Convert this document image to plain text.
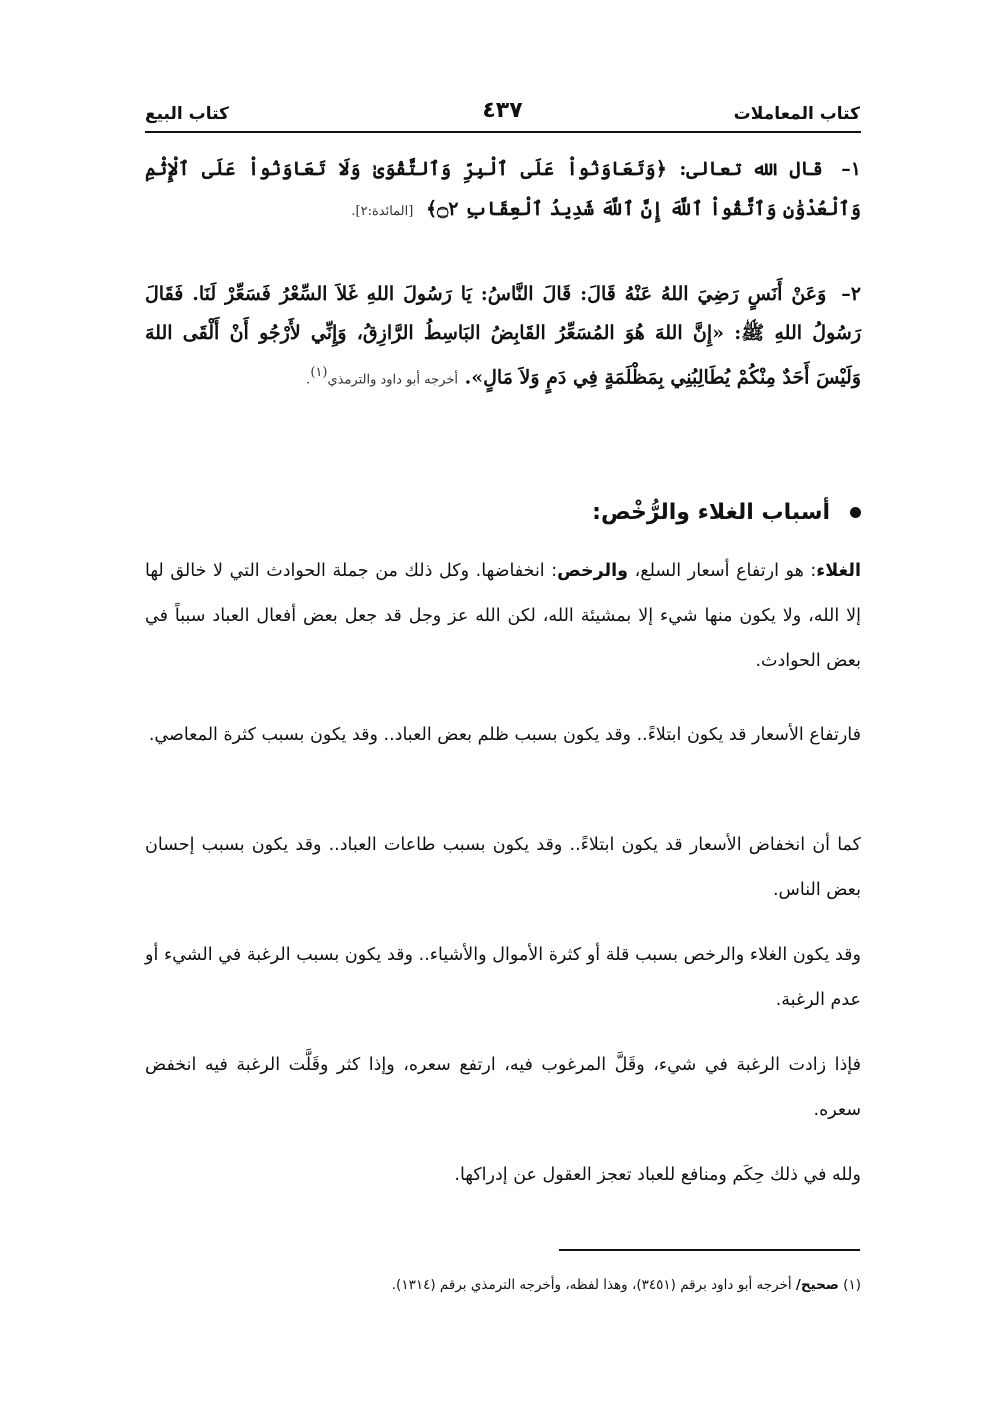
كتاب المعاملات
٤٣٧
كتاب البيع

١– قال الله تعالى: ﴿وَتَعَاوَنُواْ عَلَى ٱلْبِرِّ وَٱلتَّقْوَىٰ وَلَا تَعَاوَنُواْ عَلَى ٱلْإِثْمِ وَٱلْعُدْوَٰنِ وَٱتَّقُواْ ٱللَّهَ إِنَّ ٱللَّهَ شَدِيدُ ٱلْعِقَابِ ۝٢﴾ [المائدة:٢].

٢– وَعَنْ أَنَسٍ رَضِيَ اللهُ عَنْهُ قَالَ: قَالَ النَّاسُ: يَا رَسُولَ اللهِ غَلاَ السِّعْرُ فَسَعِّرْ لَنَا. فَقَالَ رَسُولُ اللهِ ﷺ: «إِنَّ اللهَ هُوَ المُسَعِّرُ القَابِضُ البَاسِطُ الرَّازِقُ، وَإِنِّي لأَرْجُو أَنْ أَلْقَى اللهَ وَلَيْسَ أَحَدٌ مِنْكُمْ يُطَالِبُنِي بِمَظْلَمَةٍ فِي دَمٍ وَلاَ مَالٍ». أخرجه أبو داود والترمذي$^{(١)}$.

أسباب الغلاء والرُّخْص:

الغلاء: هو ارتفاع أسعار السلع، والرخص: انخفاضها. وكل ذلك من جملة الحوادث التي لا خالق لها إلا الله، ولا يكون منها شيء إلا بمشيئة الله، لكن الله عز وجل قد جعل بعض أفعال العباد سبباً في بعض الحوادث.

فارتفاع الأسعار قد يكون ابتلاءً.. وقد يكون بسبب ظلم بعض العباد.. وقد يكون بسبب كثرة المعاصي.

كما أن انخفاض الأسعار قد يكون ابتلاءً.. وقد يكون بسبب طاعات العباد.. وقد يكون بسبب إحسان بعض الناس.

وقد يكون الغلاء والرخص بسبب قلة أو كثرة الأموال والأشياء.. وقد يكون بسبب الرغبة في الشيء أو عدم الرغبة.

فإذا زادت الرغبة في شيء، وقَلَّ المرغوب فيه، ارتفع سعره، وإذا كثر وقَلَّت الرغبة فيه انخفض سعره.

ولله في ذلك حِكَم ومنافع للعباد تعجز العقول عن إدراكها.

(١) صحيح/ أخرجه أبو داود برقم (٣٤٥١)، وهذا لفظه، وأخرجه الترمذي برقم (١٣١٤).
